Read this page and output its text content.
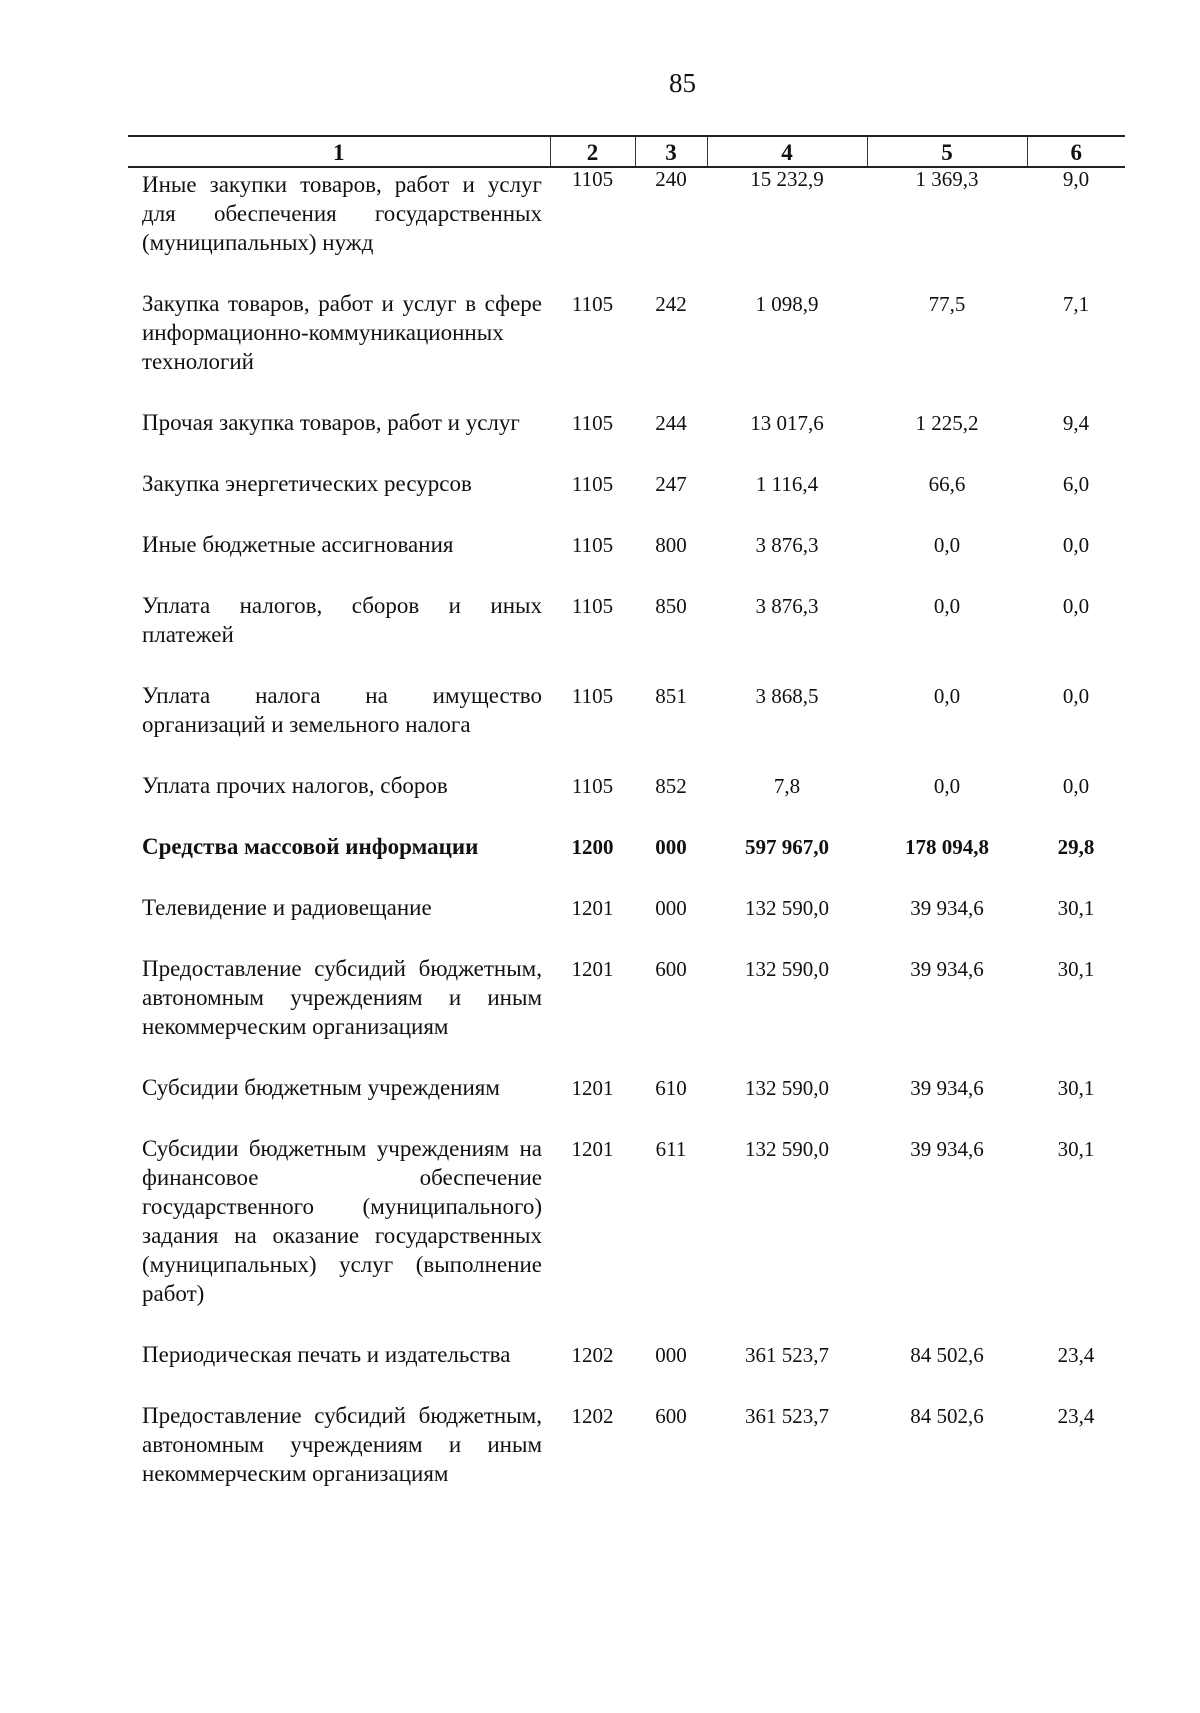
85
1	2	3	4	5	6
Иные закупки товаров, работ и услуг для обеспечения государственных (муниципальных) нужд	1105	240	15 232,9	1 369,3	9,0
Закупка товаров, работ и услуг в сфере информационно-коммуникационных технологий	1105	242	1 098,9	77,5	7,1
Прочая закупка товаров, работ и услуг	1105	244	13 017,6	1 225,2	9,4
Закупка энергетических ресурсов	1105	247	1 116,4	66,6	6,0
Иные бюджетные ассигнования	1105	800	3 876,3	0,0	0,0
Уплата налогов, сборов и иных платежей	1105	850	3 876,3	0,0	0,0
Уплата налога на имущество организаций и земельного налога	1105	851	3 868,5	0,0	0,0
Уплата прочих налогов, сборов	1105	852	7,8	0,0	0,0
Средства массовой информации	1200	000	597 967,0	178 094,8	29,8
Телевидение и радиовещание	1201	000	132 590,0	39 934,6	30,1
Предоставление субсидий бюджетным, автономным учреждениям и иным некоммерческим организациям	1201	600	132 590,0	39 934,6	30,1
Субсидии бюджетным учреждениям	1201	610	132 590,0	39 934,6	30,1
Субсидии бюджетным учреждениям на финансовое обеспечение государственного (муниципального) задания на оказание государственных (муниципальных) услуг (выполнение работ)	1201	611	132 590,0	39 934,6	30,1
Периодическая печать и издательства	1202	000	361 523,7	84 502,6	23,4
Предоставление субсидий бюджетным, автономным учреждениям и иным некоммерческим организациям	1202	600	361 523,7	84 502,6	23,4
